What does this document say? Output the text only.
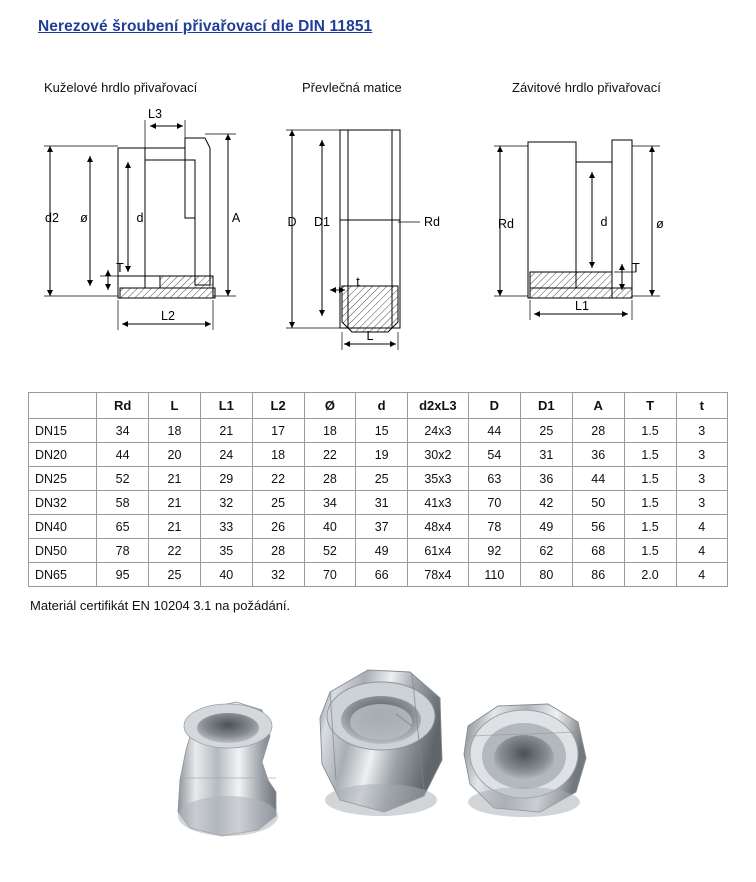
Nerezové šroubení přivařovací dle DIN 11851
Kuželové hrdlo přivařovací	Převlečná matice	Závitové hrdlo přivařovací
d2 ø	d	A
L3
T
L2
D D1	Rd
t
L
Rd	d	ø
T
L1
	Rd	L	L1	L2	Ø	d	d2xL3	D	D1	A	T	t
DN15	34	18	21	17	18	15	24x3	44	25	28	1.5	3
DN20	44	20	24	18	22	19	30x2	54	31	36	1.5	3
DN25	52	21	29	22	28	25	35x3	63	36	44	1.5	3
DN32	58	21	32	25	34	31	41x3	70	42	50	1.5	3
DN40	65	21	33	26	40	37	48x4	78	49	56	1.5	4
DN50	78	22	35	28	52	49	61x4	92	62	68	1.5	4
DN65	95	25	40	32	70	66	78x4	110	80	86	2.0	4
Materiál certifikát EN 10204 3.1 na požádání.
